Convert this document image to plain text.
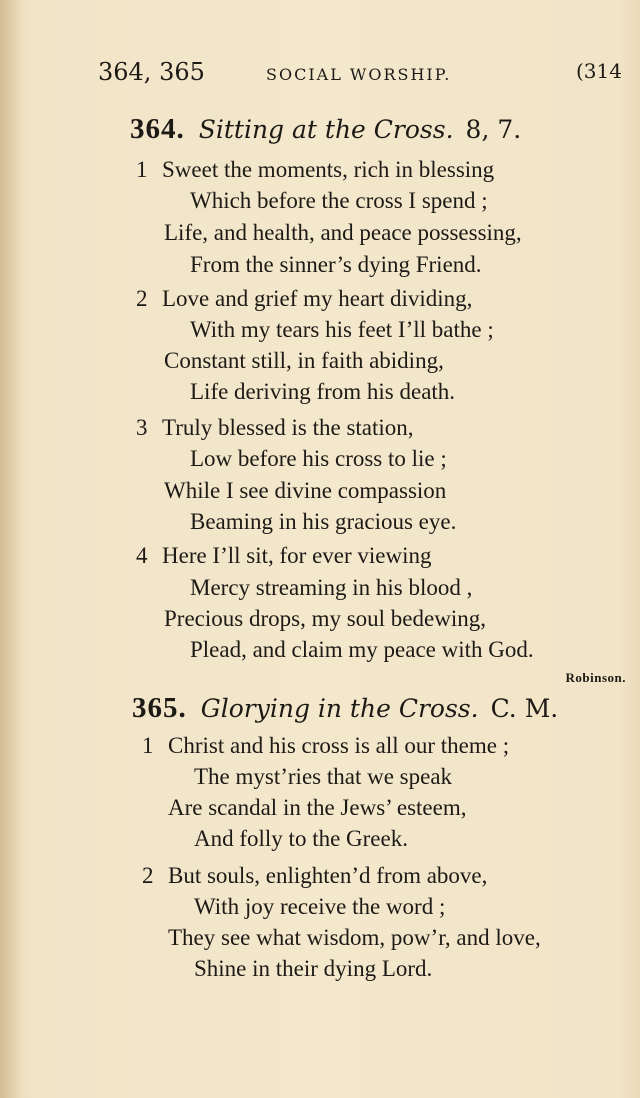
364, 365	SOCIAL WORSHIP.	(314
364. Sitting at the Cross. 8, 7.
1 Sweet the moments, rich in blessing
Which before the cross I spend ;
Life, and health, and peace possessing,
From the sinner’s dying Friend.
2 Love and grief my heart dividing,
With my tears his feet I’ll bathe ;
Constant still, in faith abiding,
Life deriving from his death.
3 Truly blessed is the station,
Low before his cross to lie ;
While I see divine compassion
Beaming in his gracious eye.
4 Here I’ll sit, for ever viewing
Mercy streaming in his blood ,
Precious drops, my soul bedewing,
Plead, and claim my peace with God.
Robinson.
365. Glorying in the Cross. C. M.
1 Christ and his cross is all our theme ;
The myst’ries that we speak
Are scandal in the Jews’ esteem,
And folly to the Greek.
2 But souls, enlighten’d from above,
With joy receive the word ;
They see what wisdom, pow’r, and love,
Shine in their dying Lord.
